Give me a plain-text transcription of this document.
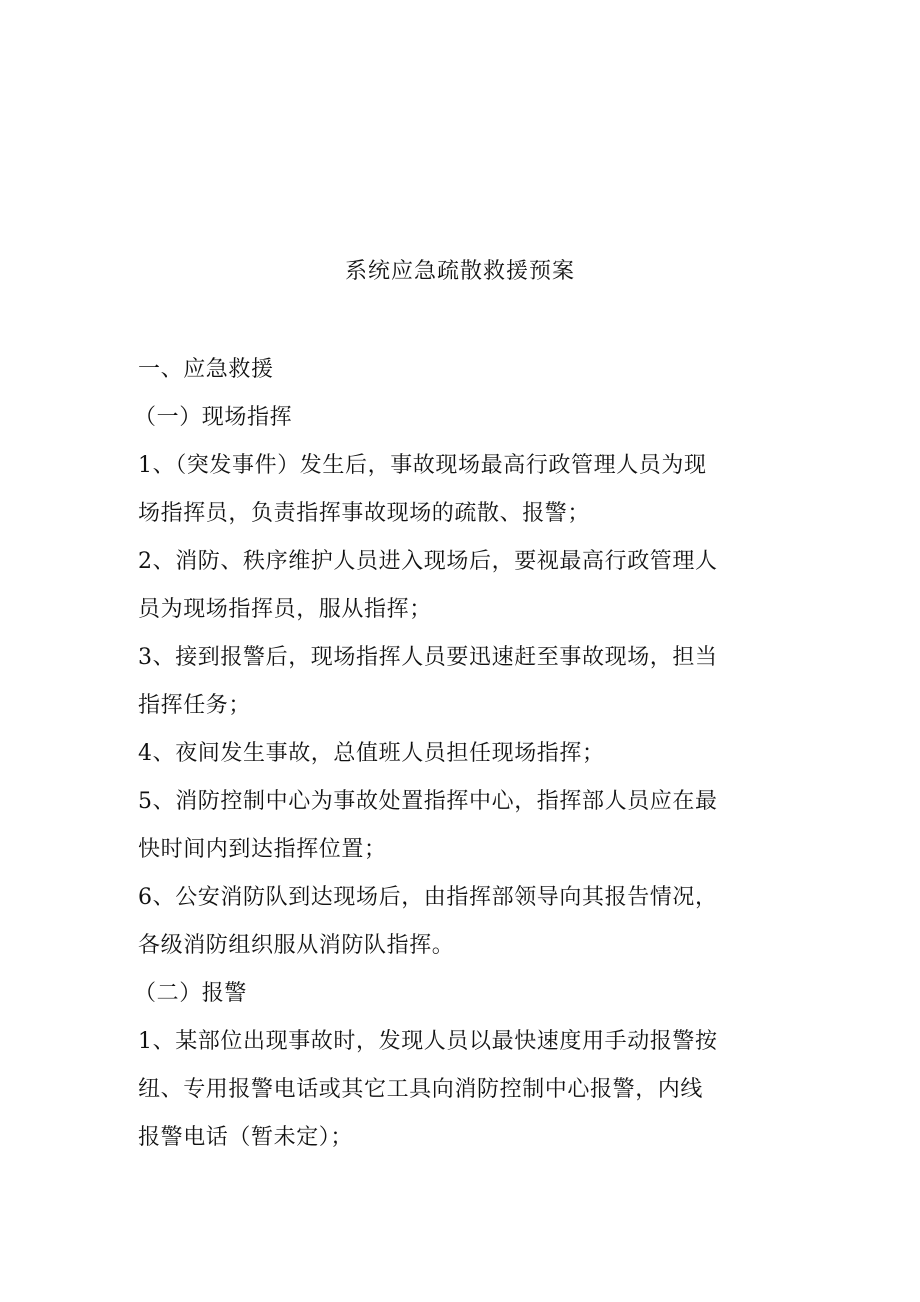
系统应急疏散救援预案
一、应急救援
（一）现场指挥
1、（突发事件）发生后，事故现场最高行政管理人员为现
场指挥员，负责指挥事故现场的疏散、报警；
2、消防、秩序维护人员进入现场后，要视最高行政管理人
员为现场指挥员，服从指挥；
3、接到报警后，现场指挥人员要迅速赶至事故现场，担当
指挥任务；
4、夜间发生事故，总值班人员担任现场指挥；
5、消防控制中心为事故处置指挥中心，指挥部人员应在最
快时间内到达指挥位置；
6、公安消防队到达现场后，由指挥部领导向其报告情况，
各级消防组织服从消防队指挥。
（二）报警
1、某部位出现事故时，发现人员以最快速度用手动报警按
纽、专用报警电话或其它工具向消防控制中心报警，内线
报警电话（暂未定）；
